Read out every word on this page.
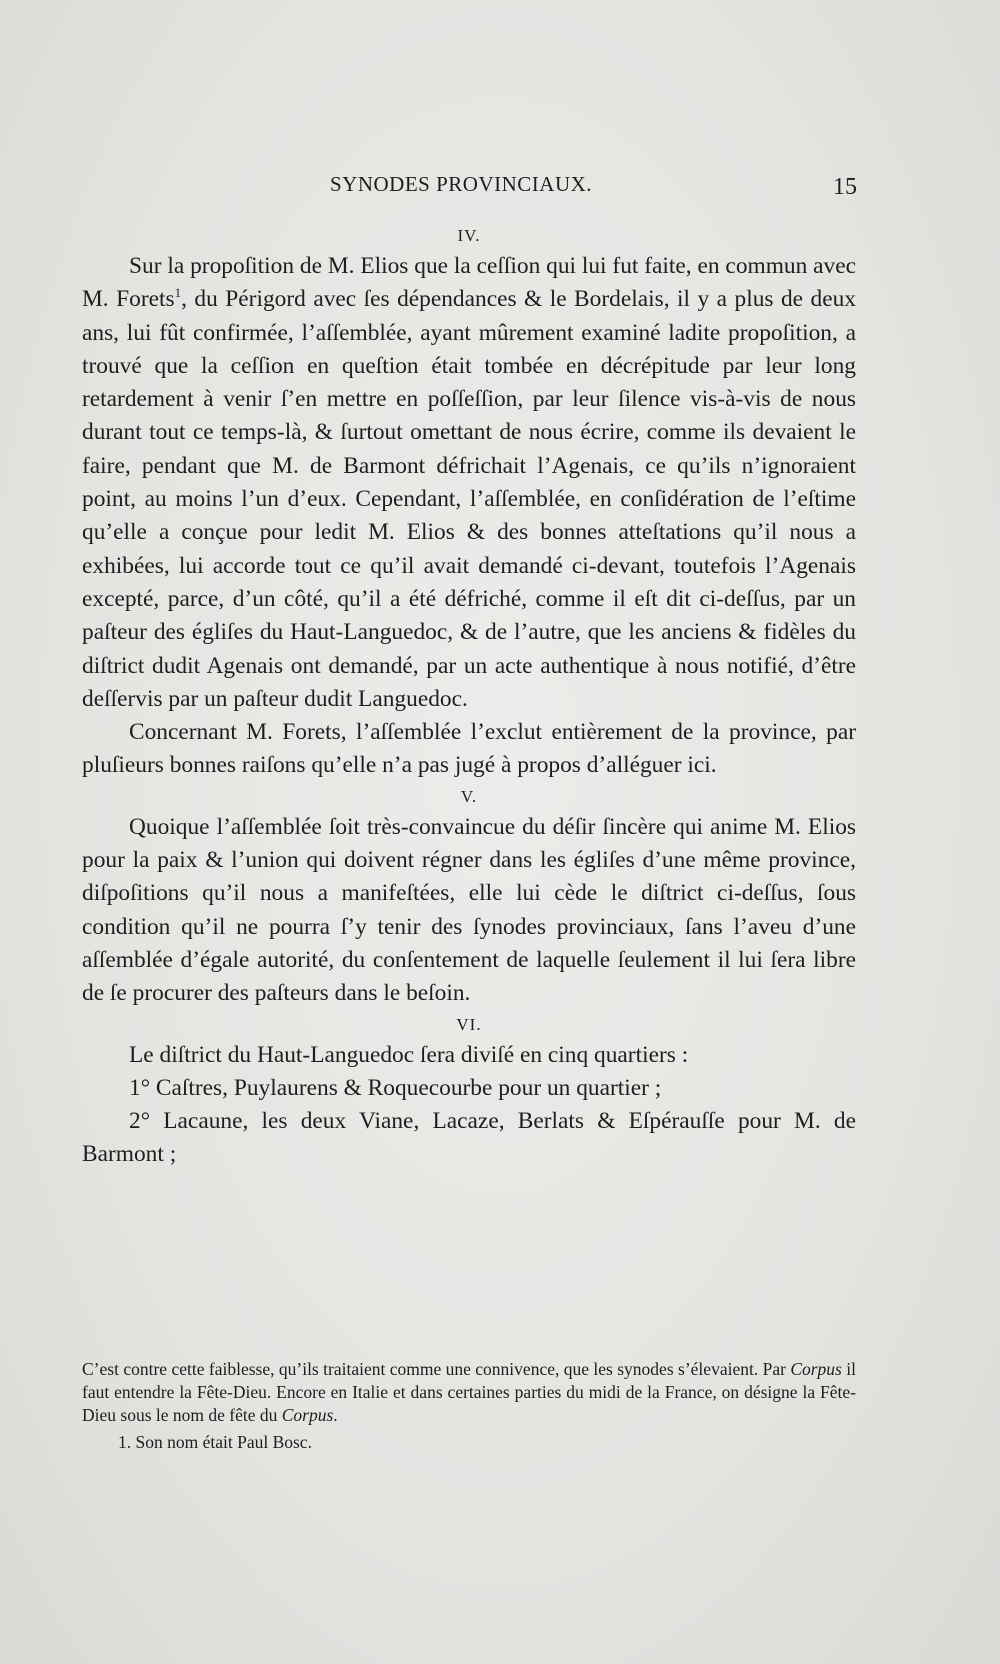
SYNODES PROVINCIAUX.	15

IV.

Sur la propoſition de M. Elios que la ceſſion qui lui fut faite, en commun avec M. Forets$^1$, du Périgord avec ſes dépendances & le Bordelais, il y a plus de deux ans, lui fût confirmée, l’aſſemblée, ayant mûrement examiné ladite propoſition, a trouvé que la ceſſion en queſtion était tombée en décrépitude par leur long retardement à venir ſ’en mettre en poſſeſſion, par leur ſilence vis-à-vis de nous durant tout ce temps-là, & ſurtout omettant de nous écrire, comme ils devaient le faire, pendant que M. de Barmont défrichait l’Agenais, ce qu’ils n’ignoraient point, au moins l’un d’eux. Cependant, l’aſſemblée, en conſidération de l’eſtime qu’elle a conçue pour ledit M. Elios & des bonnes atteſtations qu’il nous a exhibées, lui accorde tout ce qu’il avait demandé ci-devant, toutefois l’Agenais excepté, parce, d’un côté, qu’il a été défriché, comme il eſt dit ci-deſſus, par un paſteur des égliſes du Haut-Languedoc, & de l’autre, que les anciens & fidèles du diſtrict dudit Agenais ont demandé, par un acte authentique à nous notifié, d’être deſſervis par un paſteur dudit Languedoc.

Concernant M. Forets, l’aſſemblée l’exclut entièrement de la province, par pluſieurs bonnes raiſons qu’elle n’a pas jugé à propos d’alléguer ici.

V.

Quoique l’aſſemblée ſoit très-convaincue du déſir ſincère qui anime M. Elios pour la paix & l’union qui doivent régner dans les égliſes d’une même province, diſpoſitions qu’il nous a manifeſtées, elle lui cède le diſtrict ci-deſſus, ſous condition qu’il ne pourra ſ’y tenir des ſynodes provinciaux, ſans l’aveu d’une aſſemblée d’égale autorité, du conſentement de laquelle ſeulement il lui ſera libre de ſe procurer des paſteurs dans le beſoin.

VI.

Le diſtrict du Haut-Languedoc ſera diviſé en cinq quartiers :

1° Caſtres, Puylaurens & Roquecourbe pour un quartier ;

2° Lacaune, les deux Viane, Lacaze, Berlats & Eſpérauſſe pour M. de Barmont ;

C’est contre cette faiblesse, qu’ils traitaient comme une connivence, que les synodes s’élevaient. Par Corpus il faut entendre la Fête-Dieu. Encore en Italie et dans certaines parties du midi de la France, on désigne la Fête-Dieu sous le nom de fête du Corpus.

1. Son nom était Paul Bosc.
